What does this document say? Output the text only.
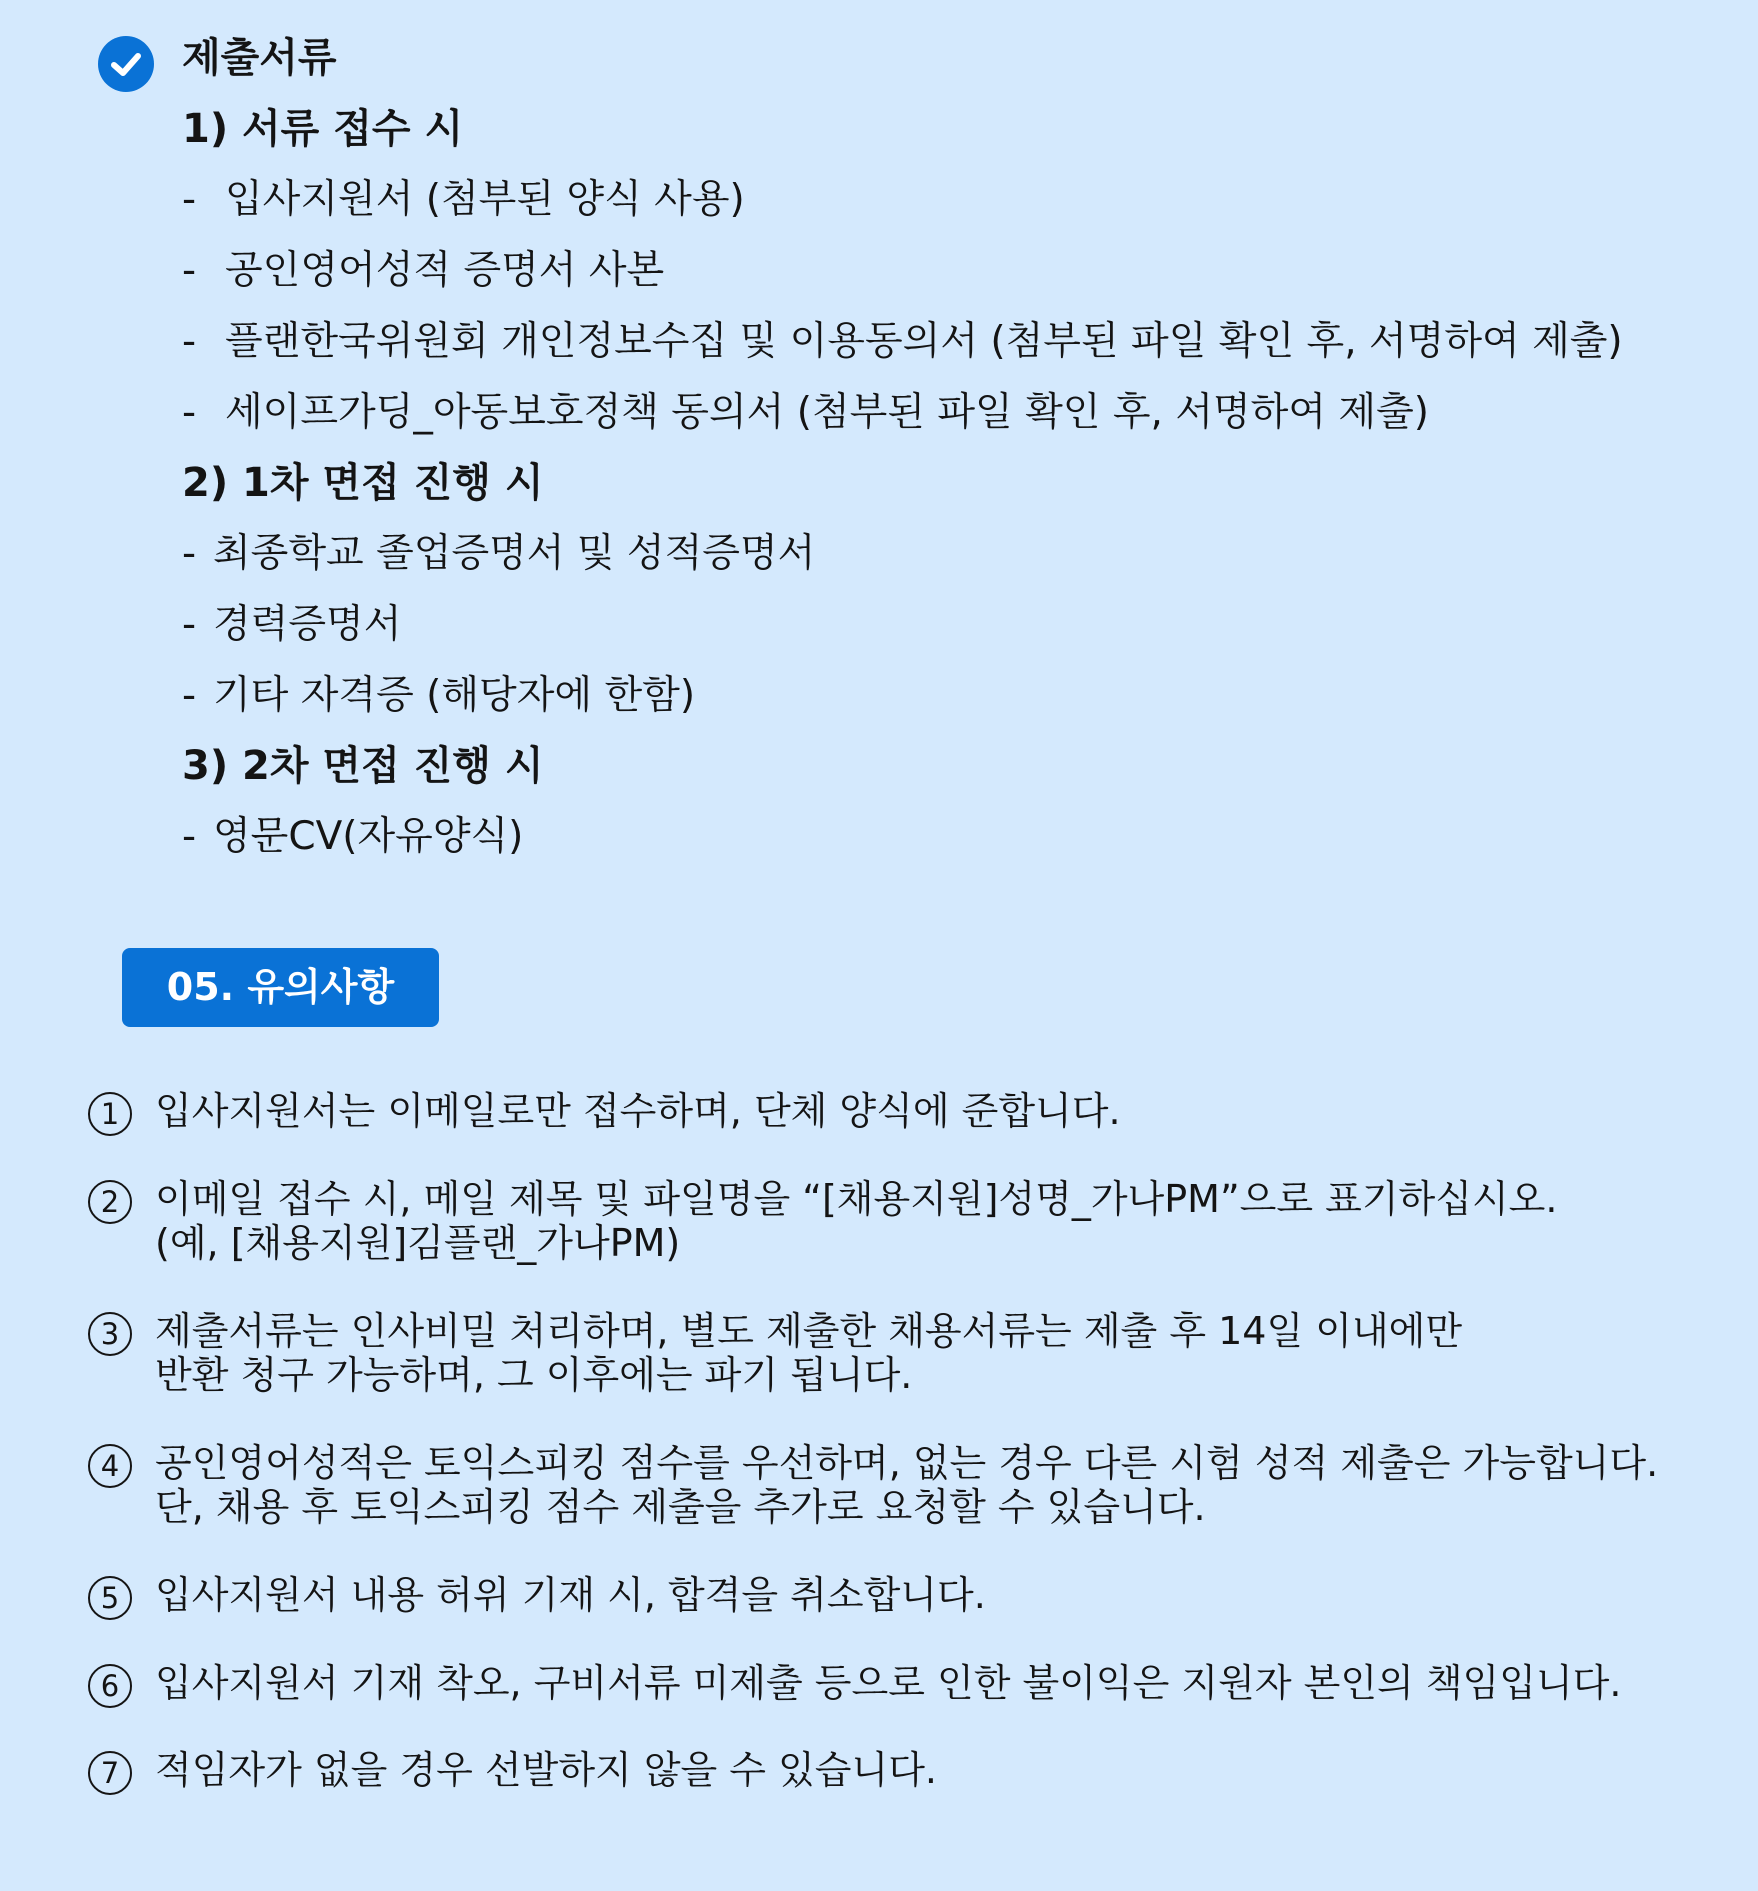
제출서류
1) 서류 접수 시
- 입사지원서 (첨부된 양식 사용)
- 공인영어성적 증명서 사본
- 플랜한국위원회 개인정보수집 및 이용동의서 (첨부된 파일 확인 후, 서명하여 제출)
- 세이프가딩_아동보호정책 동의서 (첨부된 파일 확인 후, 서명하여 제출)
2) 1차 면접 진행 시
- 최종학교 졸업증명서 및 성적증명서
- 경력증명서
- 기타 자격증 (해당자에 한함)
3) 2차 면접 진행 시
- 영문CV(자유양식)
05. 유의사항
1 입사지원서는 이메일로만 접수하며, 단체 양식에 준합니다.
2 이메일 접수 시, 메일 제목 및 파일명을 “[채용지원]성명_가나PM”으로 표기하십시오.
(예, [채용지원]김플랜_가나PM)
3 제출서류는 인사비밀 처리하며, 별도 제출한 채용서류는 제출 후 14일 이내에만
반환 청구 가능하며, 그 이후에는 파기 됩니다.
4 공인영어성적은 토익스피킹 점수를 우선하며, 없는 경우 다른 시험 성적 제출은 가능합니다.
단, 채용 후 토익스피킹 점수 제출을 추가로 요청할 수 있습니다.
5 입사지원서 내용 허위 기재 시, 합격을 취소합니다.
6 입사지원서 기재 착오, 구비서류 미제출 등으로 인한 불이익은 지원자 본인의 책임입니다.
7 적임자가 없을 경우 선발하지 않을 수 있습니다.
